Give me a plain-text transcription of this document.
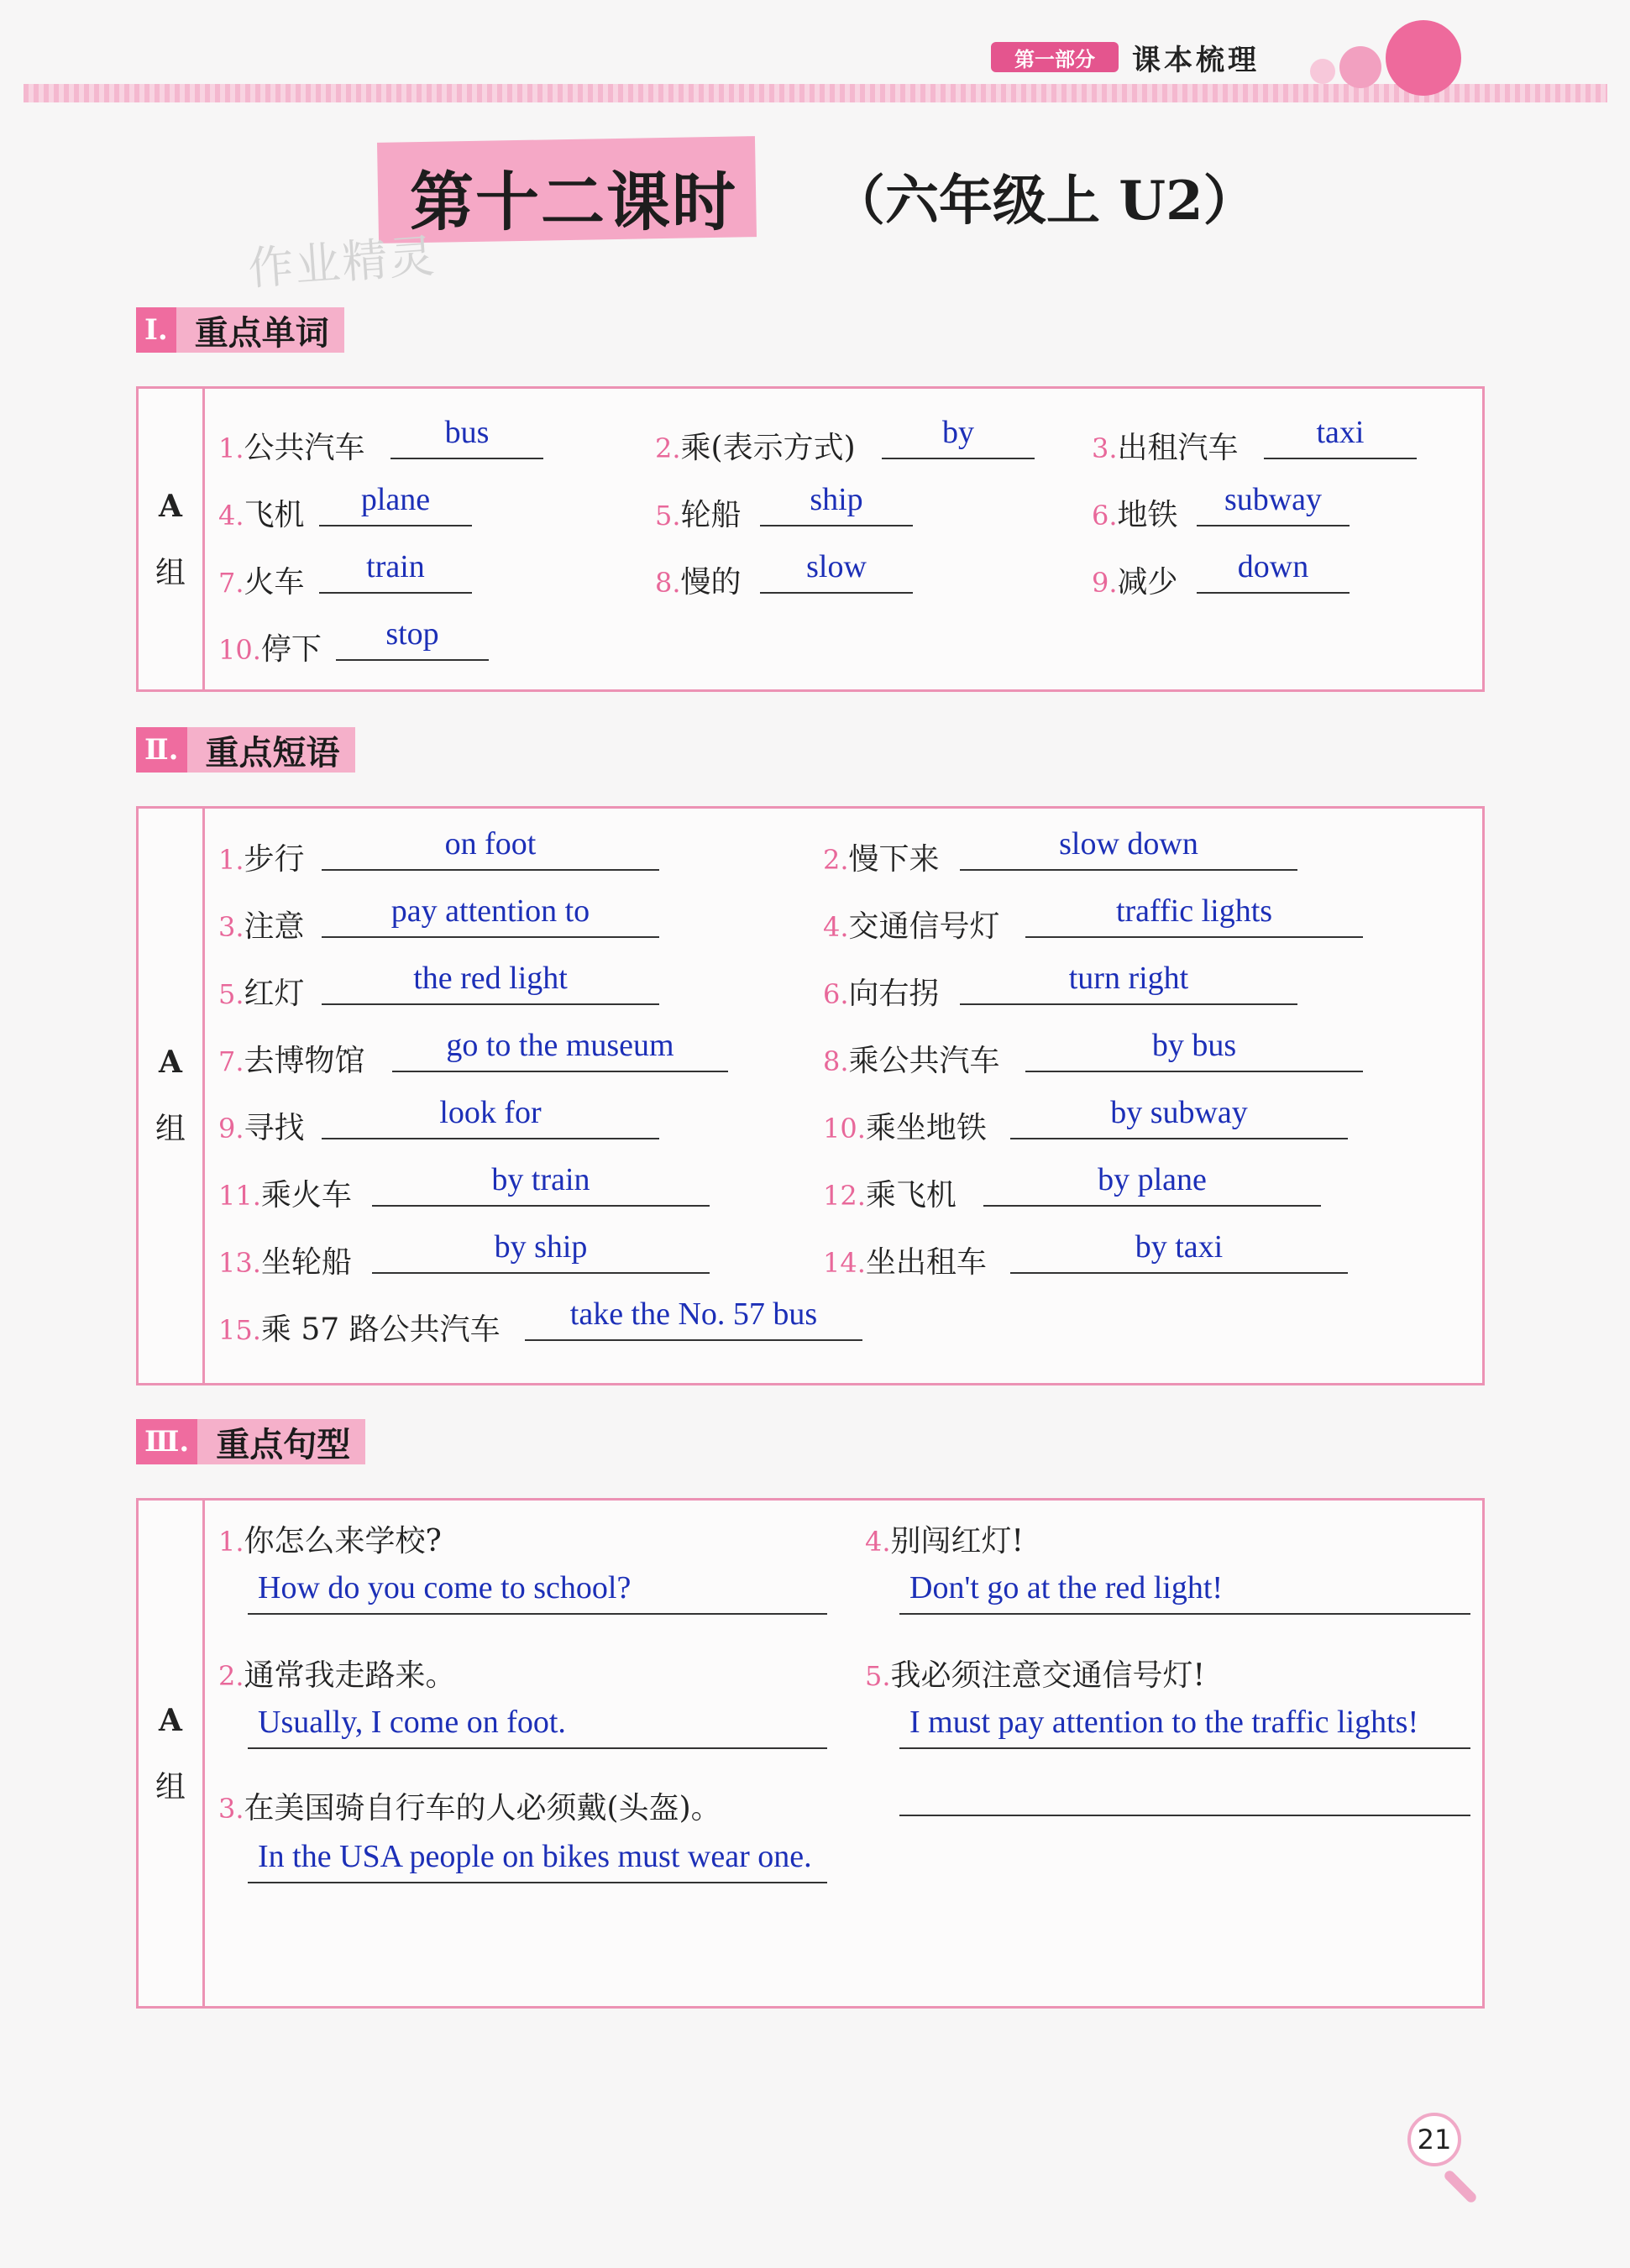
第一部分	课本梳理
第十二课时 （六年级上 U2）
作业精灵
Ⅰ. 重点单词
A
组
1.公共汽车	bus	2.乘(表示方式)	by	3.出租汽车	taxi
4.飞机	plane	5.轮船	ship	6.地铁	subway
7.火车	train	8.慢的	slow	9.减少	down
10.停下	stop
Ⅱ. 重点短语
A
组
1.步行	on foot	2.慢下来	slow down
3.注意	pay attention to	4.交通信号灯	traffic lights
5.红灯	the red light	6.向右拐	turn right
7.去博物馆	go to the museum	8.乘公共汽车	by bus
9.寻找	look for	10.乘坐地铁	by subway
11.乘火车	by train	12.乘飞机	by plane
13.坐轮船	by ship	14.坐出租车	by taxi
15.乘 57 路公共汽车	take the No. 57 bus
Ⅲ. 重点句型
A
组
1.你怎么来学校?
How do you come to school?
2.通常我走路来。
Usually, I come on foot.
3.在美国骑自行车的人必须戴(头盔)。
In the USA people on bikes must wear one.
4.别闯红灯!
Don't go at the red light!
5.我必须注意交通信号灯!
I must pay attention to the traffic lights!
21
